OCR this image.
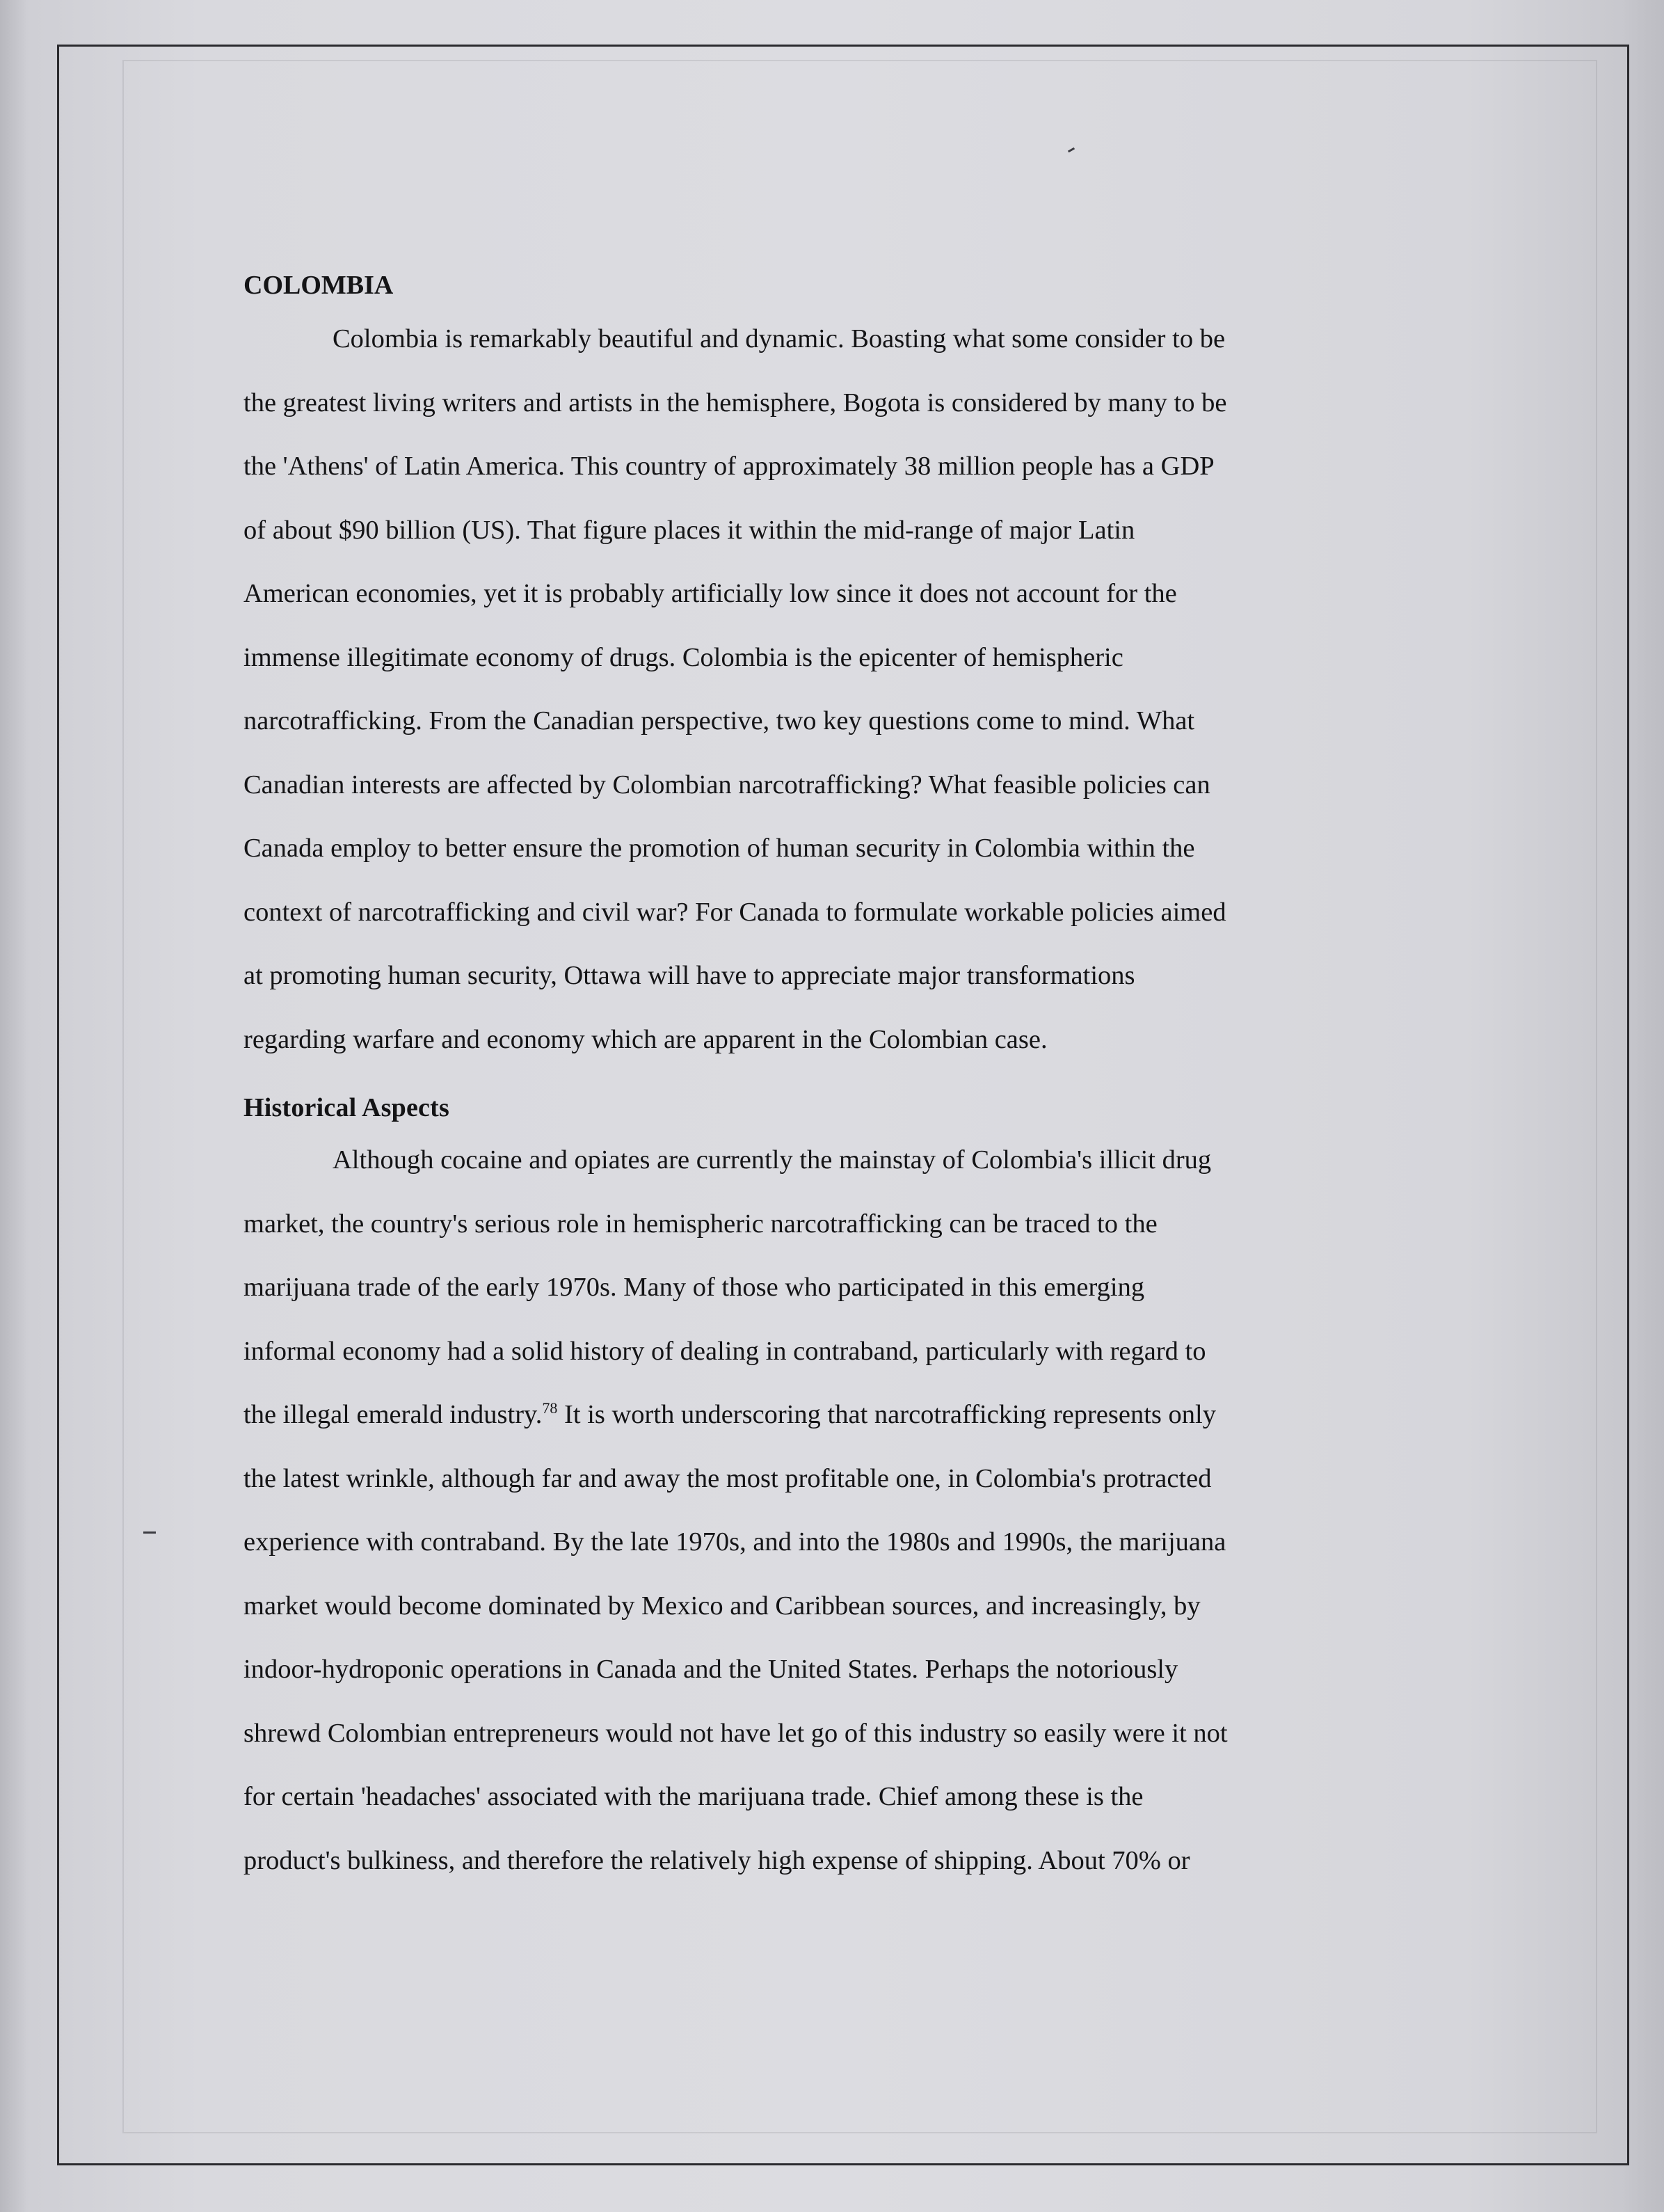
COLOMBIA
Colombia is remarkably beautiful and dynamic. Boasting what some consider to be
the greatest living writers and artists in the hemisphere, Bogota is considered by many to be
the 'Athens' of Latin America. This country of approximately 38 million people has a GDP
of about $90 billion (US). That figure places it within the mid-range of major Latin
American economies, yet it is probably artificially low since it does not account for the
immense illegitimate economy of drugs. Colombia is the epicenter of hemispheric
narcotrafficking. From the Canadian perspective, two key questions come to mind. What
Canadian interests are affected by Colombian narcotrafficking? What feasible policies can
Canada employ to better ensure the promotion of human security in Colombia within the
context of narcotrafficking and civil war? For Canada to formulate workable policies aimed
at promoting human security, Ottawa will have to appreciate major transformations
regarding warfare and economy which are apparent in the Colombian case.
Historical Aspects
Although cocaine and opiates are currently the mainstay of Colombia's illicit drug
market, the country's serious role in hemispheric narcotrafficking can be traced to the
marijuana trade of the early 1970s. Many of those who participated in this emerging
informal economy had a solid history of dealing in contraband, particularly with regard to
the illegal emerald industry.$^{78}$ It is worth underscoring that narcotrafficking represents only
the latest wrinkle, although far and away the most profitable one, in Colombia's protracted
experience with contraband. By the late 1970s, and into the 1980s and 1990s, the marijuana
market would become dominated by Mexico and Caribbean sources, and increasingly, by
indoor-hydroponic operations in Canada and the United States. Perhaps the notoriously
shrewd Colombian entrepreneurs would not have let go of this industry so easily were it not
for certain 'headaches' associated with the marijuana trade. Chief among these is the
product's bulkiness, and therefore the relatively high expense of shipping. About 70% or
